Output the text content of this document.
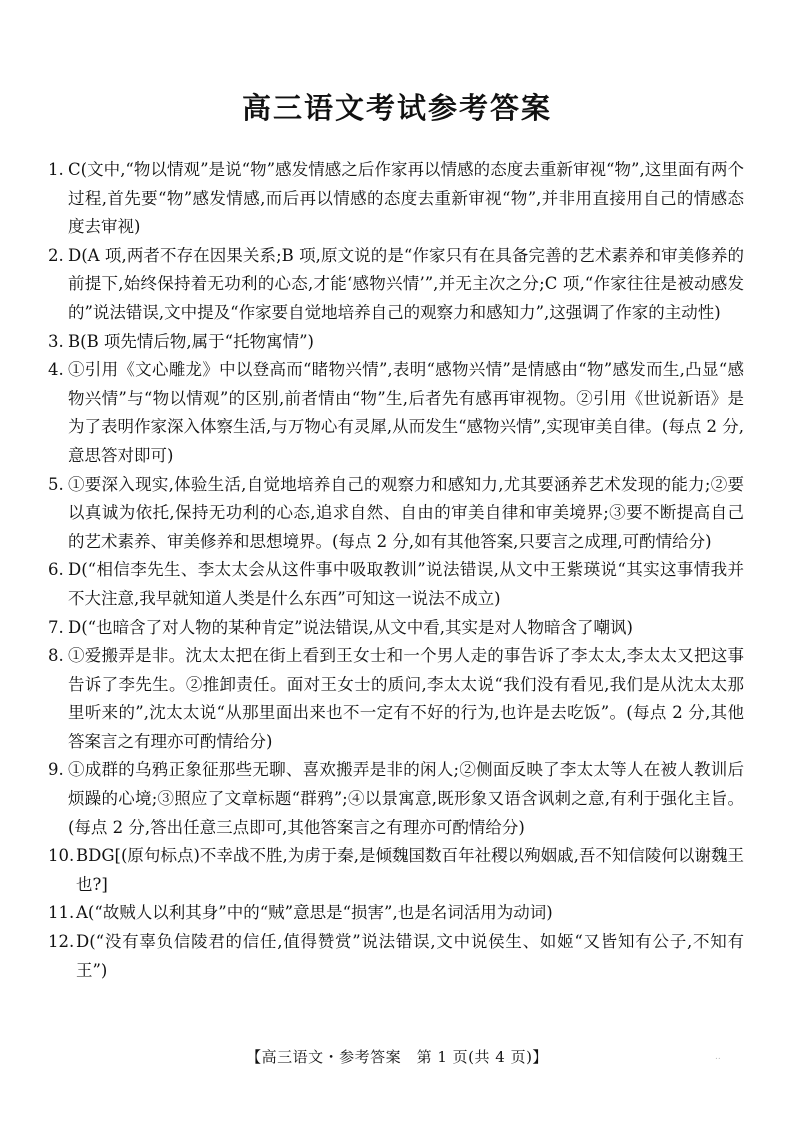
高三语文考试参考答案
1. C(文中,“物以情观”是说“物”感发情感之后作家再以情感的态度去重新审视“物”,这里面有两个过程,首先要“物”感发情感,而后再以情感的态度去重新审视“物”,并非用直接用自己的情感态度去审视)
2. D(A 项,两者不存在因果关系;B 项,原文说的是“作家只有在具备完善的艺术素养和审美修养的前提下,始终保持着无功利的心态,才能‘感物兴情’”,并无主次之分;C 项,“作家往往是被动感发的”说法错误,文中提及“作家要自觉地培养自己的观察力和感知力”,这强调了作家的主动性)
3. B(B 项先情后物,属于“托物寓情”)
4. ①引用《文心雕龙》中以登高而“睹物兴情”,表明“感物兴情”是情感由“物”感发而生,凸显“感物兴情”与“物以情观”的区别,前者情由“物”生,后者先有感再审视物。②引用《世说新语》是为了表明作家深入体察生活,与万物心有灵犀,从而发生“感物兴情”,实现审美自律。(每点 2 分,意思答对即可)
5. ①要深入现实,体验生活,自觉地培养自己的观察力和感知力,尤其要涵养艺术发现的能力;②要以真诚为依托,保持无功利的心态,追求自然、自由的审美自律和审美境界;③要不断提高自己的艺术素养、审美修养和思想境界。(每点 2 分,如有其他答案,只要言之成理,可酌情给分)
6. D(“相信李先生、李太太会从这件事中吸取教训”说法错误,从文中王紫瑛说“其实这事情我并不大注意,我早就知道人类是什么东西”可知这一说法不成立)
7. D(“也暗含了对人物的某种肯定”说法错误,从文中看,其实是对人物暗含了嘲讽)
8. ①爱搬弄是非。沈太太把在街上看到王女士和一个男人走的事告诉了李太太,李太太又把这事告诉了李先生。②推卸责任。面对王女士的质问,李太太说“我们没有看见,我们是从沈太太那里听来的”,沈太太说“从那里面出来也不一定有不好的行为,也许是去吃饭”。(每点 2 分,其他答案言之有理亦可酌情给分)
9. ①成群的乌鸦正象征那些无聊、喜欢搬弄是非的闲人;②侧面反映了李太太等人在被人教训后烦躁的心境;③照应了文章标题“群鸦”;④以景寓意,既形象又语含讽刺之意,有利于强化主旨。(每点 2 分,答出任意三点即可,其他答案言之有理亦可酌情给分)
10. BDG[(原句标点)不幸战不胜,为虏于秦,是倾魏国数百年社稷以殉姻戚,吾不知信陵何以谢魏王也?]
11. A(“故贼人以利其身”中的“贼”意思是“损害”,也是名词活用为动词)
12. D(“没有辜负信陵君的信任,值得赞赏”说法错误,文中说侯生、如姬“又皆知有公子,不知有王”)
【高三语文・参考答案　第 1 页(共 4 页)】	..
